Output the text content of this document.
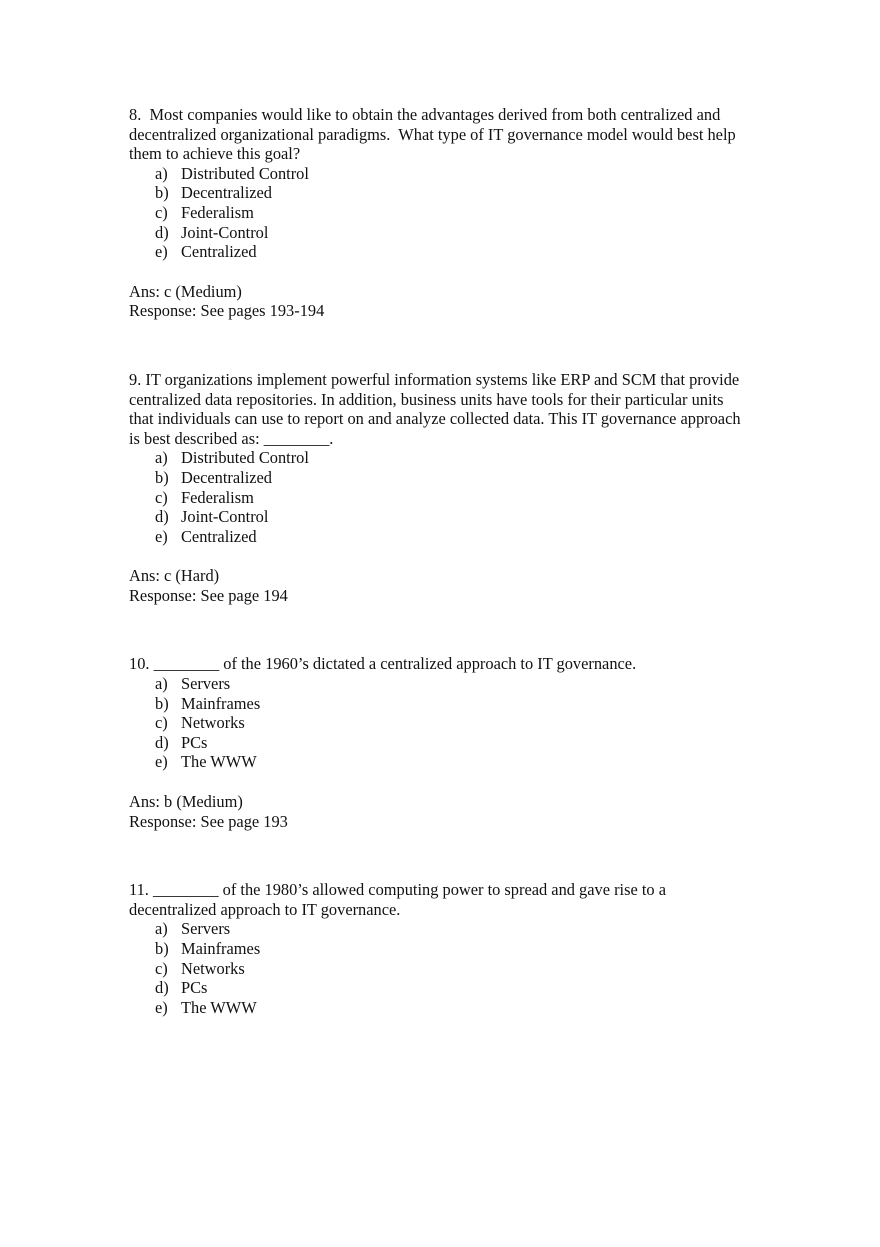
8.  Most companies would like to obtain the advantages derived from both centralized and decentralized organizational paradigms.  What type of IT governance model would best help them to achieve this goal?
a) Distributed Control
b) Decentralized
c) Federalism
d) Joint-Control
e) Centralized
Ans: c (Medium)
Response: See pages 193-194
9. IT organizations implement powerful information systems like ERP and SCM that provide centralized data repositories. In addition, business units have tools for their particular units that individuals can use to report on and analyze collected data. This IT governance approach is best described as: ________.
a) Distributed Control
b) Decentralized
c) Federalism
d) Joint-Control
e) Centralized
Ans: c (Hard)
Response: See page 194
10. ________ of the 1960’s dictated a centralized approach to IT governance.
a) Servers
b) Mainframes
c) Networks
d) PCs
e) The WWW
Ans: b (Medium)
Response: See page 193
11. ________ of the 1980’s allowed computing power to spread and gave rise to a decentralized approach to IT governance.
a) Servers
b) Mainframes
c) Networks
d) PCs
e) The WWW
